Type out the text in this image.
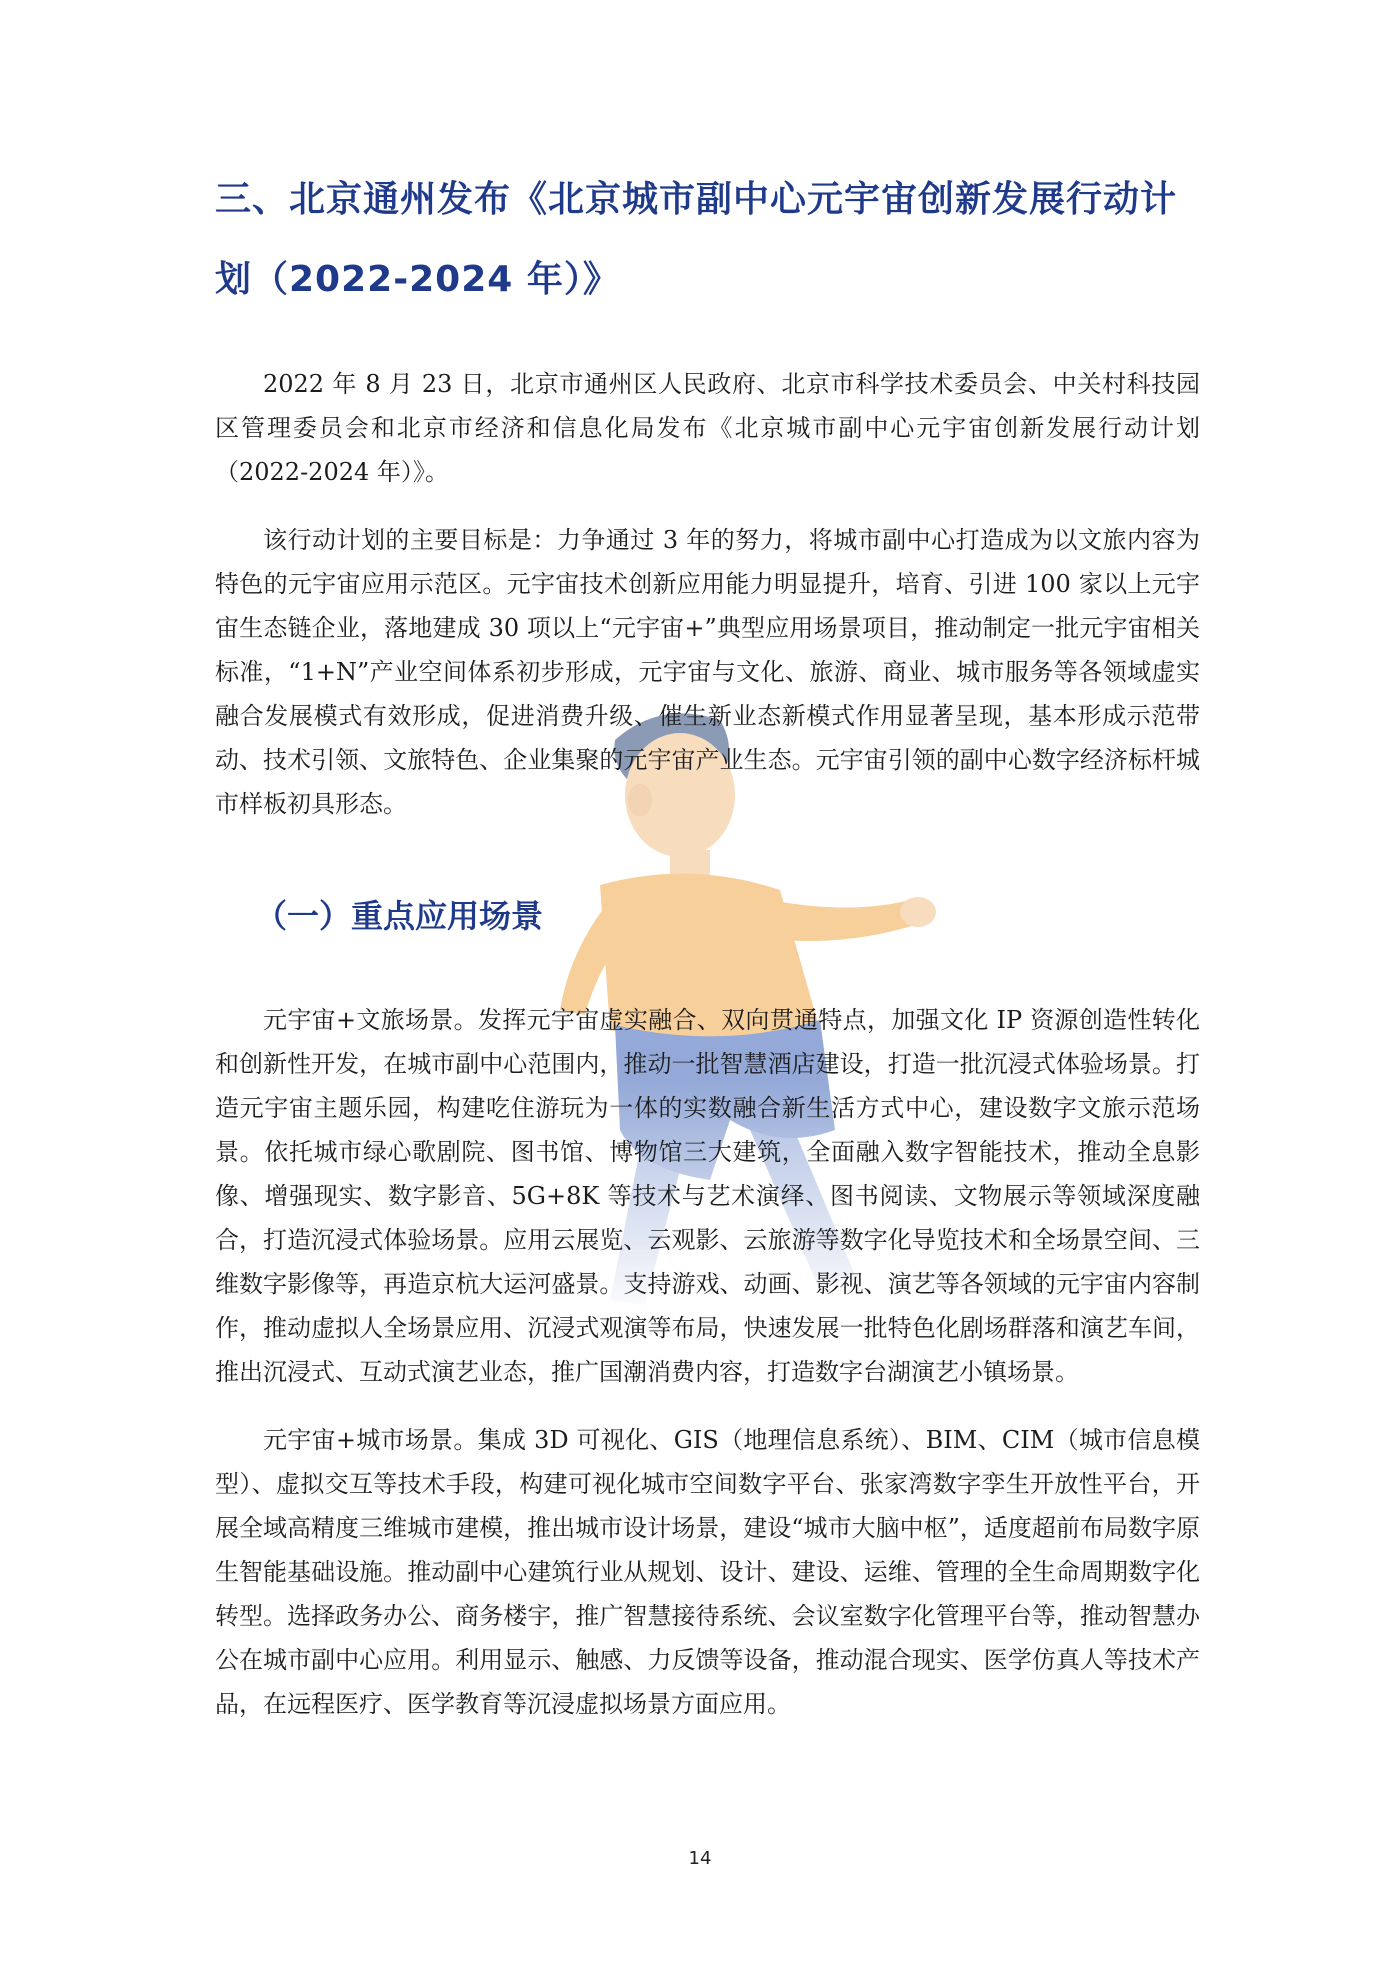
三、北京通州发布《北京城市副中心元宇宙创新发展行动计划（2022-2024 年）》

2022 年 8 月 23 日，北京市通州区人民政府、北京市科学技术委员会、中关村科技园区管理委员会和北京市经济和信息化局发布《北京城市副中心元宇宙创新发展行动计划（2022-2024 年）》。

该行动计划的主要目标是：力争通过 3 年的努力，将城市副中心打造成为以文旅内容为特色的元宇宙应用示范区。元宇宙技术创新应用能力明显提升，培育、引进 100 家以上元宇宙生态链企业，落地建成 30 项以上“元宇宙+”典型应用场景项目，推动制定一批元宇宙相关标准，“1+N”产业空间体系初步形成，元宇宙与文化、旅游、商业、城市服务等各领域虚实融合发展模式有效形成，促进消费升级、催生新业态新模式作用显著呈现，基本形成示范带动、技术引领、文旅特色、企业集聚的元宇宙产业生态。元宇宙引领的副中心数字经济标杆城市样板初具形态。

（一）重点应用场景

元宇宙+文旅场景。发挥元宇宙虚实融合、双向贯通特点，加强文化 IP 资源创造性转化和创新性开发，在城市副中心范围内，推动一批智慧酒店建设，打造一批沉浸式体验场景。打造元宇宙主题乐园，构建吃住游玩为一体的实数融合新生活方式中心，建设数字文旅示范场景。依托城市绿心歌剧院、图书馆、博物馆三大建筑，全面融入数字智能技术，推动全息影像、增强现实、数字影音、5G+8K 等技术与艺术演绎、图书阅读、文物展示等领域深度融合，打造沉浸式体验场景。应用云展览、云观影、云旅游等数字化导览技术和全场景空间、三维数字影像等，再造京杭大运河盛景。支持游戏、动画、影视、演艺等各领域的元宇宙内容制作，推动虚拟人全场景应用、沉浸式观演等布局，快速发展一批特色化剧场群落和演艺车间，推出沉浸式、互动式演艺业态，推广国潮消费内容，打造数字台湖演艺小镇场景。

元宇宙+城市场景。集成 3D 可视化、GIS（地理信息系统）、BIM、CIM（城市信息模型）、虚拟交互等技术手段，构建可视化城市空间数字平台、张家湾数字孪生开放性平台，开展全域高精度三维城市建模，推出城市设计场景，建设“城市大脑中枢”，适度超前布局数字原生智能基础设施。推动副中心建筑行业从规划、设计、建设、运维、管理的全生命周期数字化转型。选择政务办公、商务楼宇，推广智慧接待系统、会议室数字化管理平台等，推动智慧办公在城市副中心应用。利用显示、触感、力反馈等设备，推动混合现实、医学仿真人等技术产品，在远程医疗、医学教育等沉浸虚拟场景方面应用。

14
